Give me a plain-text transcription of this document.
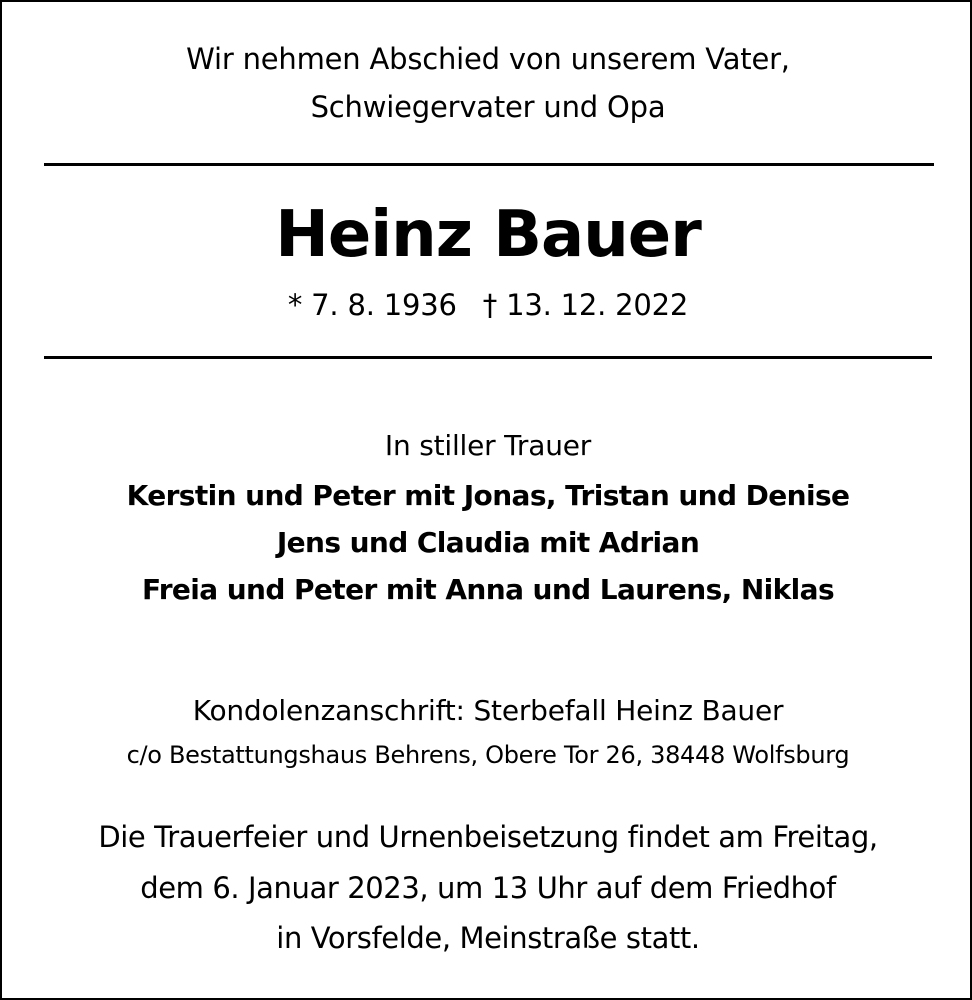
Wir nehmen Abschied von unserem Vater,
Schwiegervater und Opa
Heinz Bauer
* 7. 8. 1936 † 13. 12. 2022
In stiller Trauer
Kerstin und Peter mit Jonas, Tristan und Denise
Jens und Claudia mit Adrian
Freia und Peter mit Anna und Laurens, Niklas
Kondolenzanschrift: Sterbefall Heinz Bauer
c/o Bestattungshaus Behrens, Obere Tor 26, 38448 Wolfsburg
Die Trauerfeier und Urnenbeisetzung findet am Freitag,
dem 6. Januar 2023, um 13 Uhr auf dem Friedhof
in Vorsfelde, Meinstraße statt.
